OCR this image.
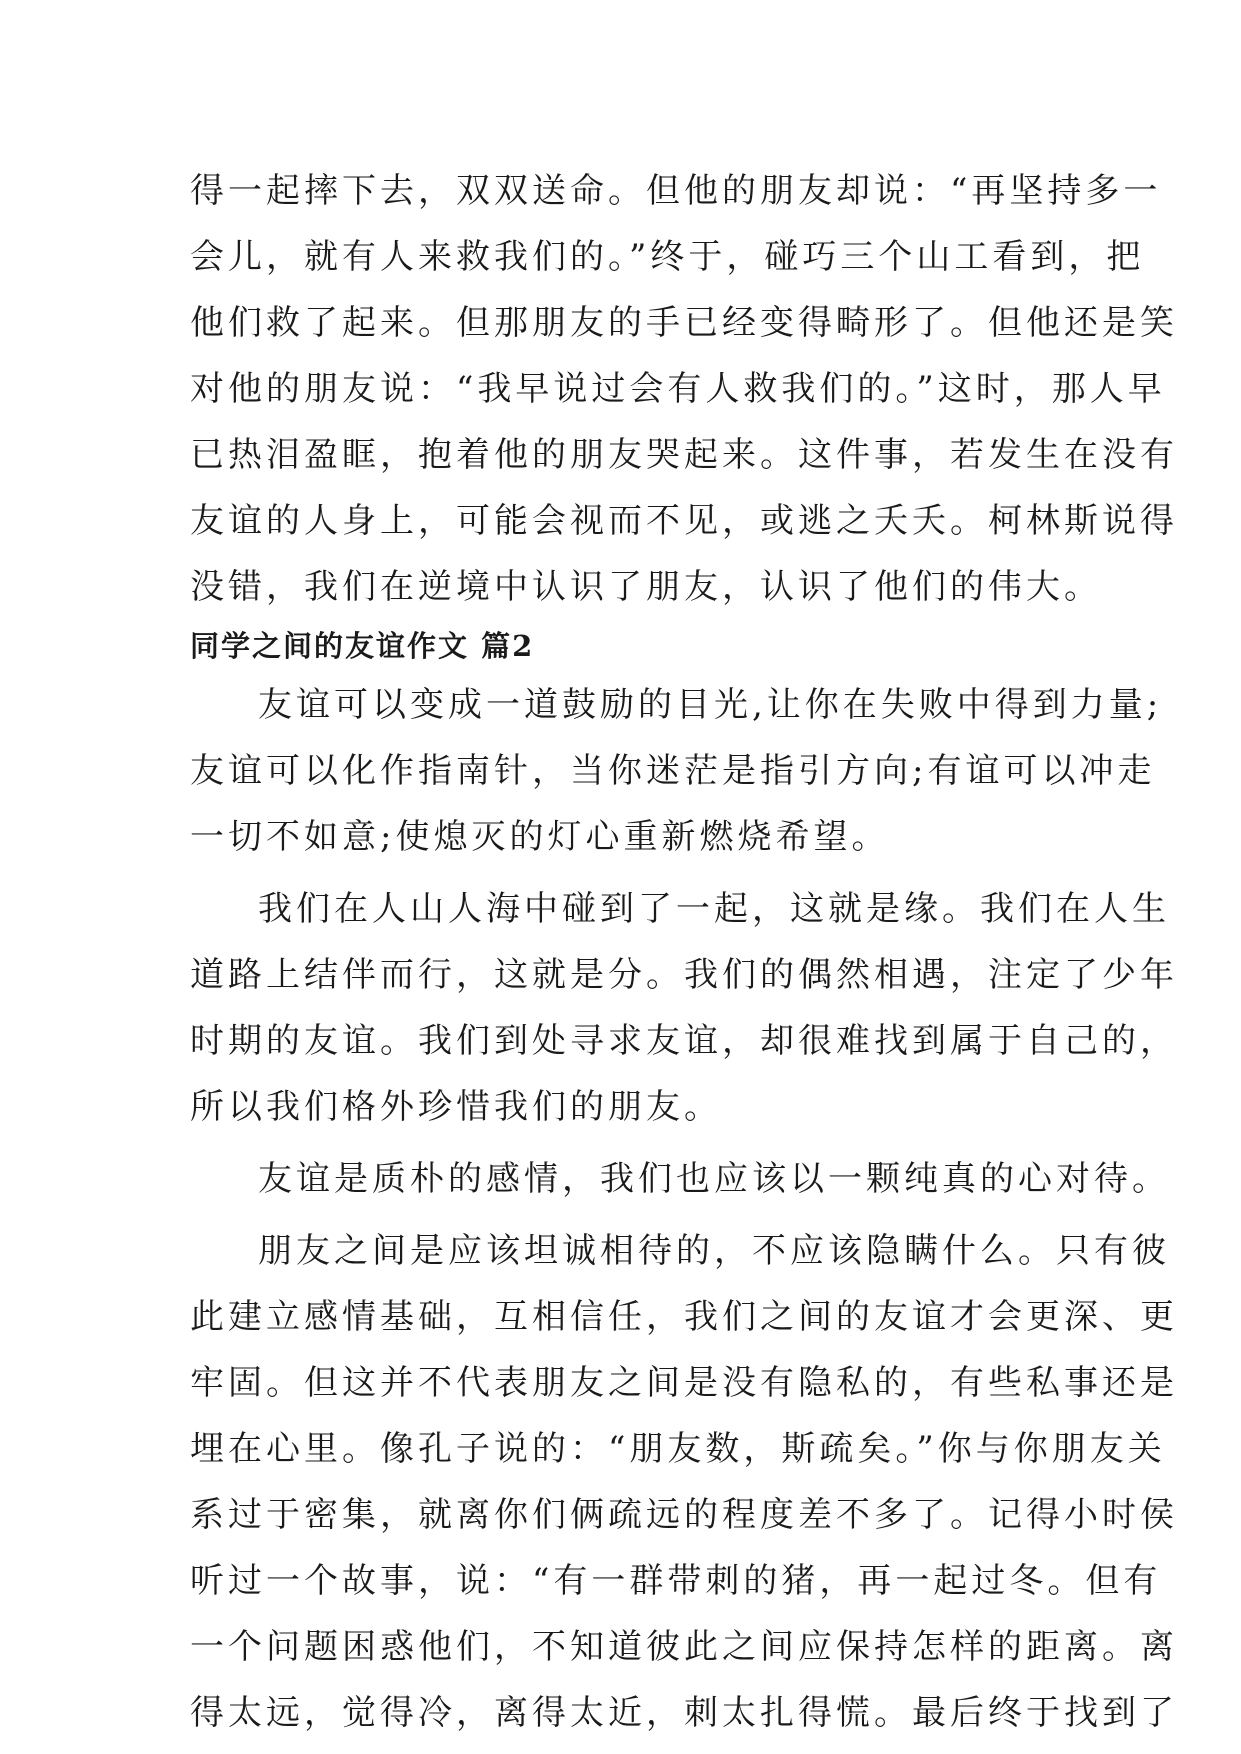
得一起摔下去，双双送命。但他的朋友却说：“再坚持多一
会儿，就有人来救我们的。”终于，碰巧三个山工看到，把
他们救了起来。但那朋友的手已经变得畸形了。但他还是笑
对他的朋友说：“我早说过会有人救我们的。”这时，那人早
已热泪盈眶，抱着他的朋友哭起来。这件事，若发生在没有
友谊的人身上，可能会视而不见，或逃之夭夭。柯林斯说得
没错，我们在逆境中认识了朋友，认识了他们的伟大。
同学之间的友谊作文 篇2
友谊可以变成一道鼓励的目光,让你在失败中得到力量;
友谊可以化作指南针，当你迷茫是指引方向;有谊可以冲走
一切不如意;使熄灭的灯心重新燃烧希望。
我们在人山人海中碰到了一起，这就是缘。我们在人生
道路上结伴而行，这就是分。我们的偶然相遇，注定了少年
时期的友谊。我们到处寻求友谊，却很难找到属于自己的，
所以我们格外珍惜我们的朋友。
友谊是质朴的感情，我们也应该以一颗纯真的心对待。
朋友之间是应该坦诚相待的，不应该隐瞒什么。只有彼
此建立感情基础，互相信任，我们之间的友谊才会更深、更
牢固。但这并不代表朋友之间是没有隐私的，有些私事还是
埋在心里。像孔子说的：“朋友数，斯疏矣。”你与你朋友关
系过于密集，就离你们俩疏远的程度差不多了。记得小时侯
听过一个故事，说：“有一群带刺的猪，再一起过冬。但有
一个问题困惑他们，不知道彼此之间应保持怎样的距离。离
得太远，觉得冷，离得太近，刺太扎得慌。最后终于找到了
